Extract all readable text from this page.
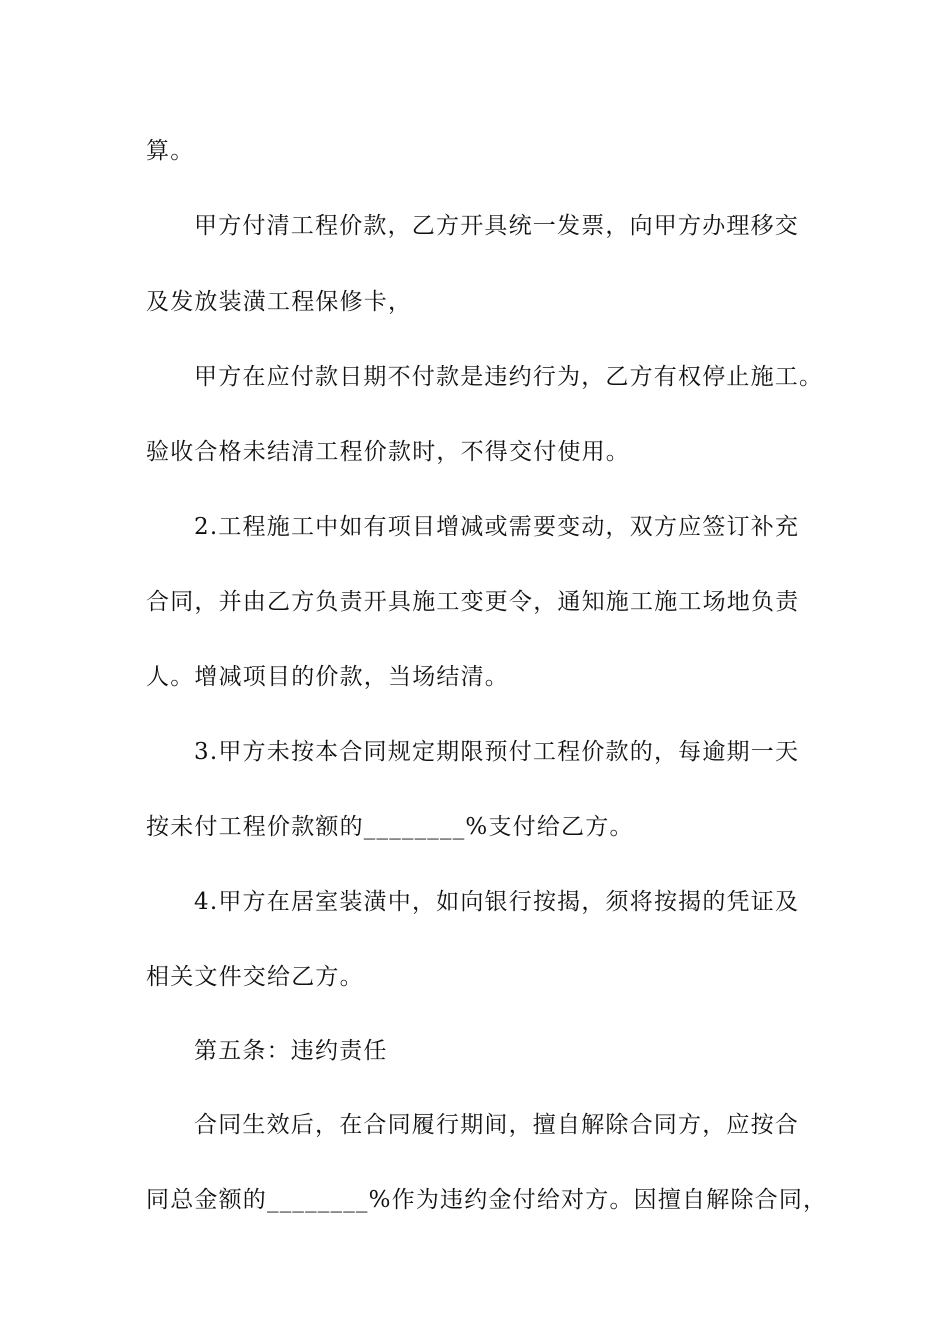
算。
甲方付清工程价款，乙方开具统一发票，向甲方办理移交
及发放装潢工程保修卡，
甲方在应付款日期不付款是违约行为，乙方有权停止施工。
验收合格未结清工程价款时，不得交付使用。
2.工程施工中如有项目增减或需要变动，双方应签订补充
合同，并由乙方负责开具施工变更令，通知施工施工场地负责
人。增减项目的价款，当场结清。
3.甲方未按本合同规定期限预付工程价款的，每逾期一天
按未付工程价款额的________%支付给乙方。
4.甲方在居室装潢中，如向银行按揭，须将按揭的凭证及
相关文件交给乙方。
第五条：违约责任
合同生效后，在合同履行期间，擅自解除合同方，应按合
同总金额的________%作为违约金付给对方。因擅自解除合同，
